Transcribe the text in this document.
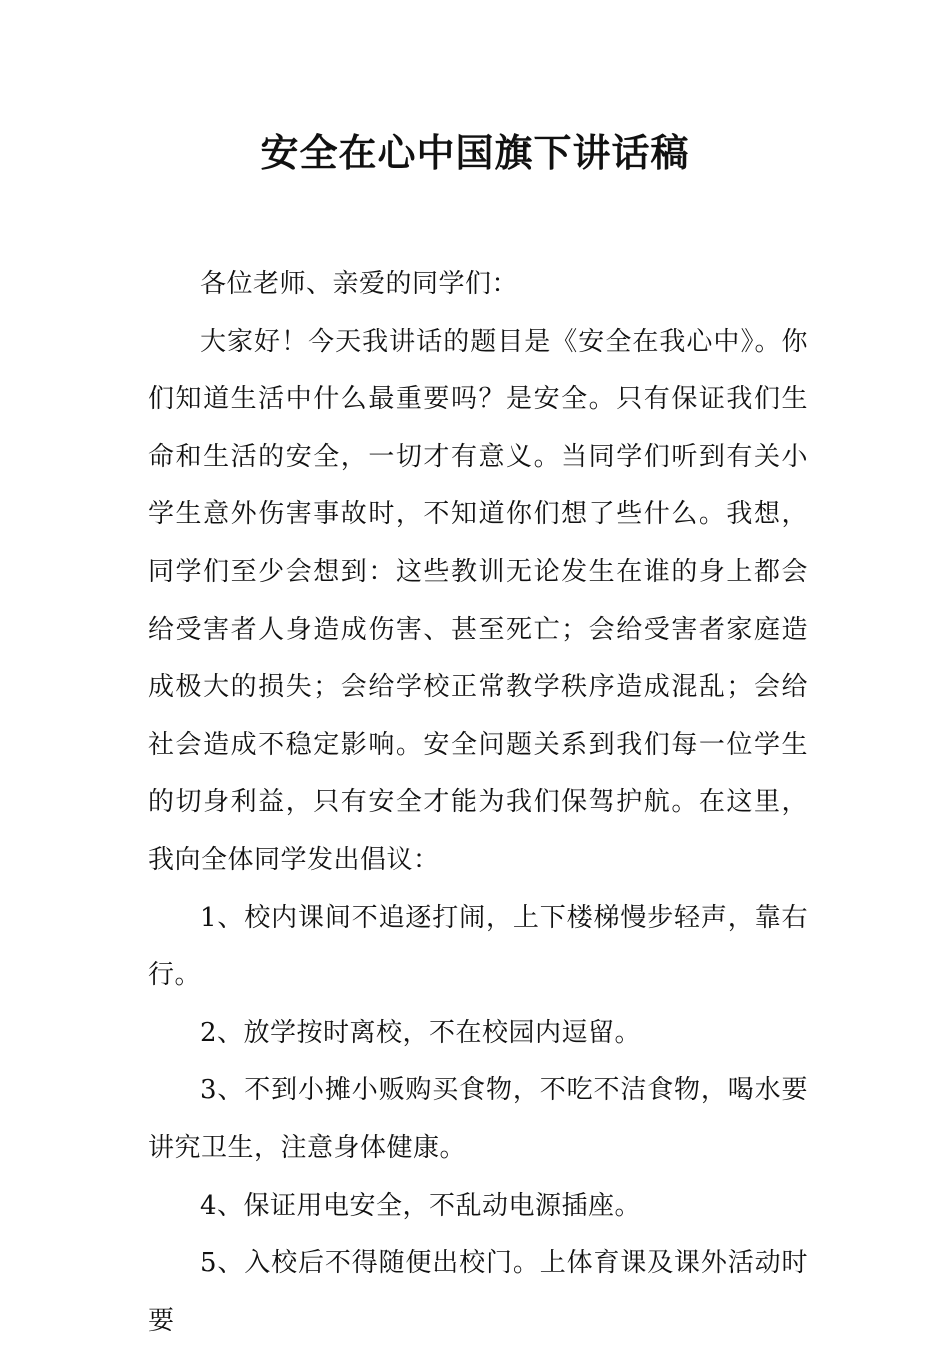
安全在心中国旗下讲话稿

各位老师、亲爱的同学们：

大家好！今天我讲话的题目是《安全在我心中》。你们知道生活中什么最重要吗？是安全。只有保证我们生命和生活的安全，一切才有意义。当同学们听到有关小学生意外伤害事故时，不知道你们想了些什么。我想，同学们至少会想到：这些教训无论发生在谁的身上都会给受害者人身造成伤害、甚至死亡；会给受害者家庭造成极大的损失；会给学校正常教学秩序造成混乱；会给社会造成不稳定影响。安全问题关系到我们每一位学生的切身利益，只有安全才能为我们保驾护航。在这里，我向全体同学发出倡议：

1、校内课间不追逐打闹，上下楼梯慢步轻声，靠右行。

2、放学按时离校，不在校园内逗留。

3、不到小摊小贩购买食物，不吃不洁食物，喝水要讲究卫生，注意身体健康。

4、保证用电安全，不乱动电源插座。

5、入校后不得随便出校门。上体育课及课外活动时要
